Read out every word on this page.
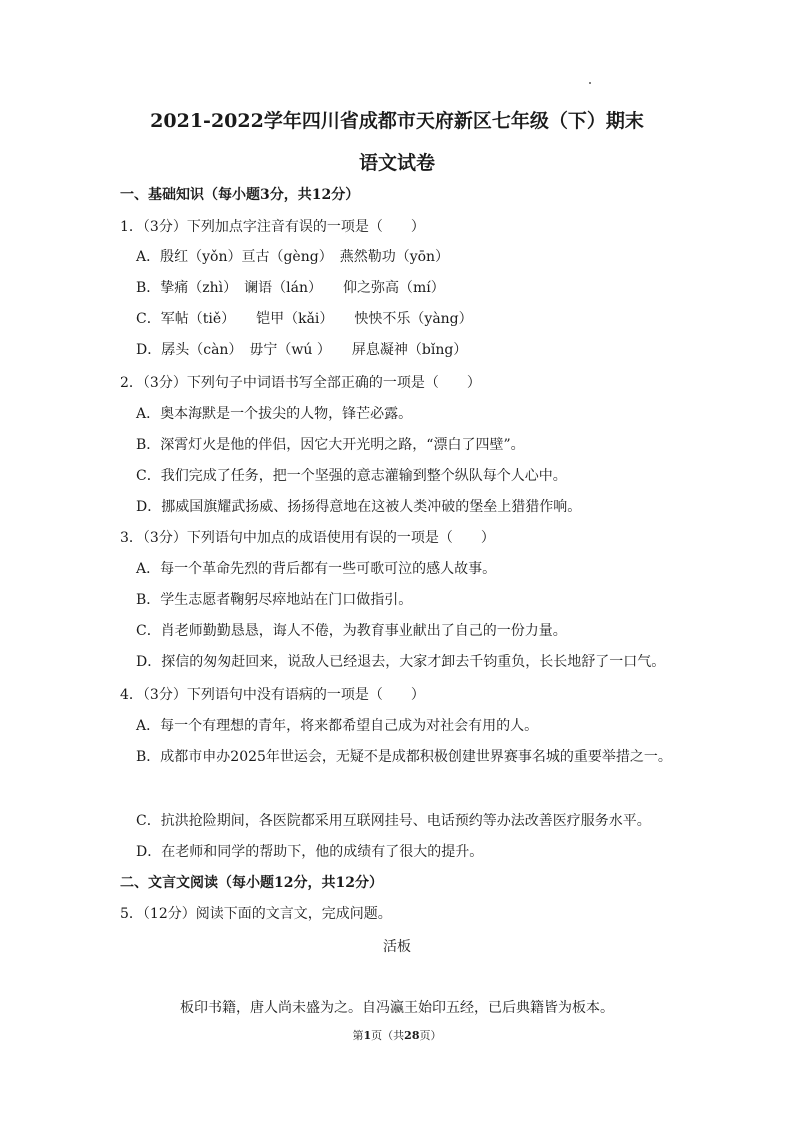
2021-2022学年四川省成都市天府新区七年级（下）期末
语文试卷
一、基础知识（每小题3分，共12分）
1．（3分）下列加点字注音有误的一项是（　　）
A．殷红（yǒn）亘古（gèng）　燕然勒功（yōn）
B．挚痛（zhì）　谰语（lán）　　仰之弥高（mí）
C．军帖（tiě）　　铠甲（kǎi）　　怏怏不乐（yàng）
D．孱头（càn）　毋宁（wú ）　　屏息凝神（bǐng）
2．（3分）下列句子中词语书写全部正确的一项是（　　）
A．奥本海默是一个拔尖的人物，锋芒必露。
B．深霄灯火是他的伴侣，因它大开光明之路，“漂白了四壁”。
C．我们完成了任务，把一个坚强的意志灌输到整个纵队每个人心中。
D．挪威国旗耀武扬威、扬扬得意地在这被人类冲破的堡垒上猎猎作响。
3．（3分）下列语句中加点的成语使用有误的一项是（　　）
A．每一个革命先烈的背后都有一些可歌可泣的感人故事。
B．学生志愿者鞠躬尽瘁地站在门口做指引。
C．肖老师勤勤恳恳，诲人不倦，为教育事业献出了自己的一份力量。
D．探信的匆匆赶回来，说敌人已经退去，大家才卸去千钧重负，长长地舒了一口气。
4．（3分）下列语句中没有语病的一项是（　　）
A．每一个有理想的青年，将来都希望自己成为对社会有用的人。
B．成都市申办2025年世运会，无疑不是成都积极创建世界赛事名城的重要举措之一。
C．抗洪抢险期间，各医院都采用互联网挂号、电话预约等办法改善医疗服务水平。
D．在老师和同学的帮助下，他的成绩有了很大的提升。
二、文言文阅读（每小题12分，共12分）
5．（12分）阅读下面的文言文，完成问题。
活板
板印书籍，唐人尚未盛为之。自冯瀛王始印五经，已后典籍皆为板本。
第1页（共28页）
